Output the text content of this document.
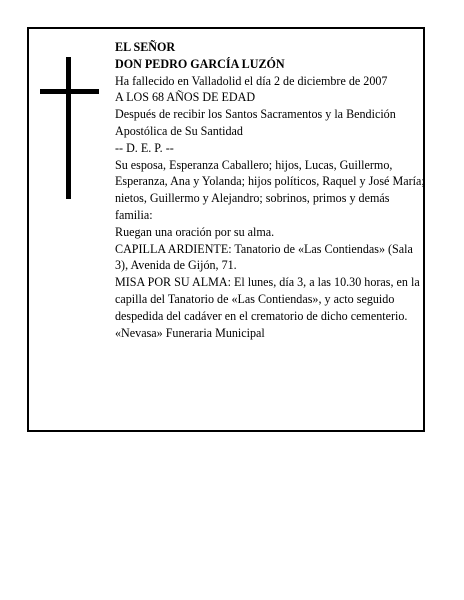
EL SEÑOR

DON PEDRO GARCÍA LUZÓN

Ha fallecido en Valladolid el día 2 de diciembre de 2007

A LOS 68 AÑOS DE EDAD

Después de recibir los Santos Sacramentos y la Bendición Apostólica de Su Santidad

-- D. E. P. --

Su esposa, Esperanza Caballero; hijos, Lucas, Guillermo, Esperanza, Ana y Yolanda; hijos políticos, Raquel y José María; nietos, Guillermo y Alejandro; sobrinos, primos y demás familia:

Ruegan una oración por su alma.

CAPILLA ARDIENTE: Tanatorio de «Las Contiendas» (Sala 3), Avenida de Gijón, 71.

MISA POR SU ALMA: El lunes, día 3, a las 10.30 horas, en la capilla del Tanatorio de «Las Contiendas», y acto seguido despedida del cadáver en el crematorio de dicho cementerio.

«Nevasa» Funeraria Municipal
